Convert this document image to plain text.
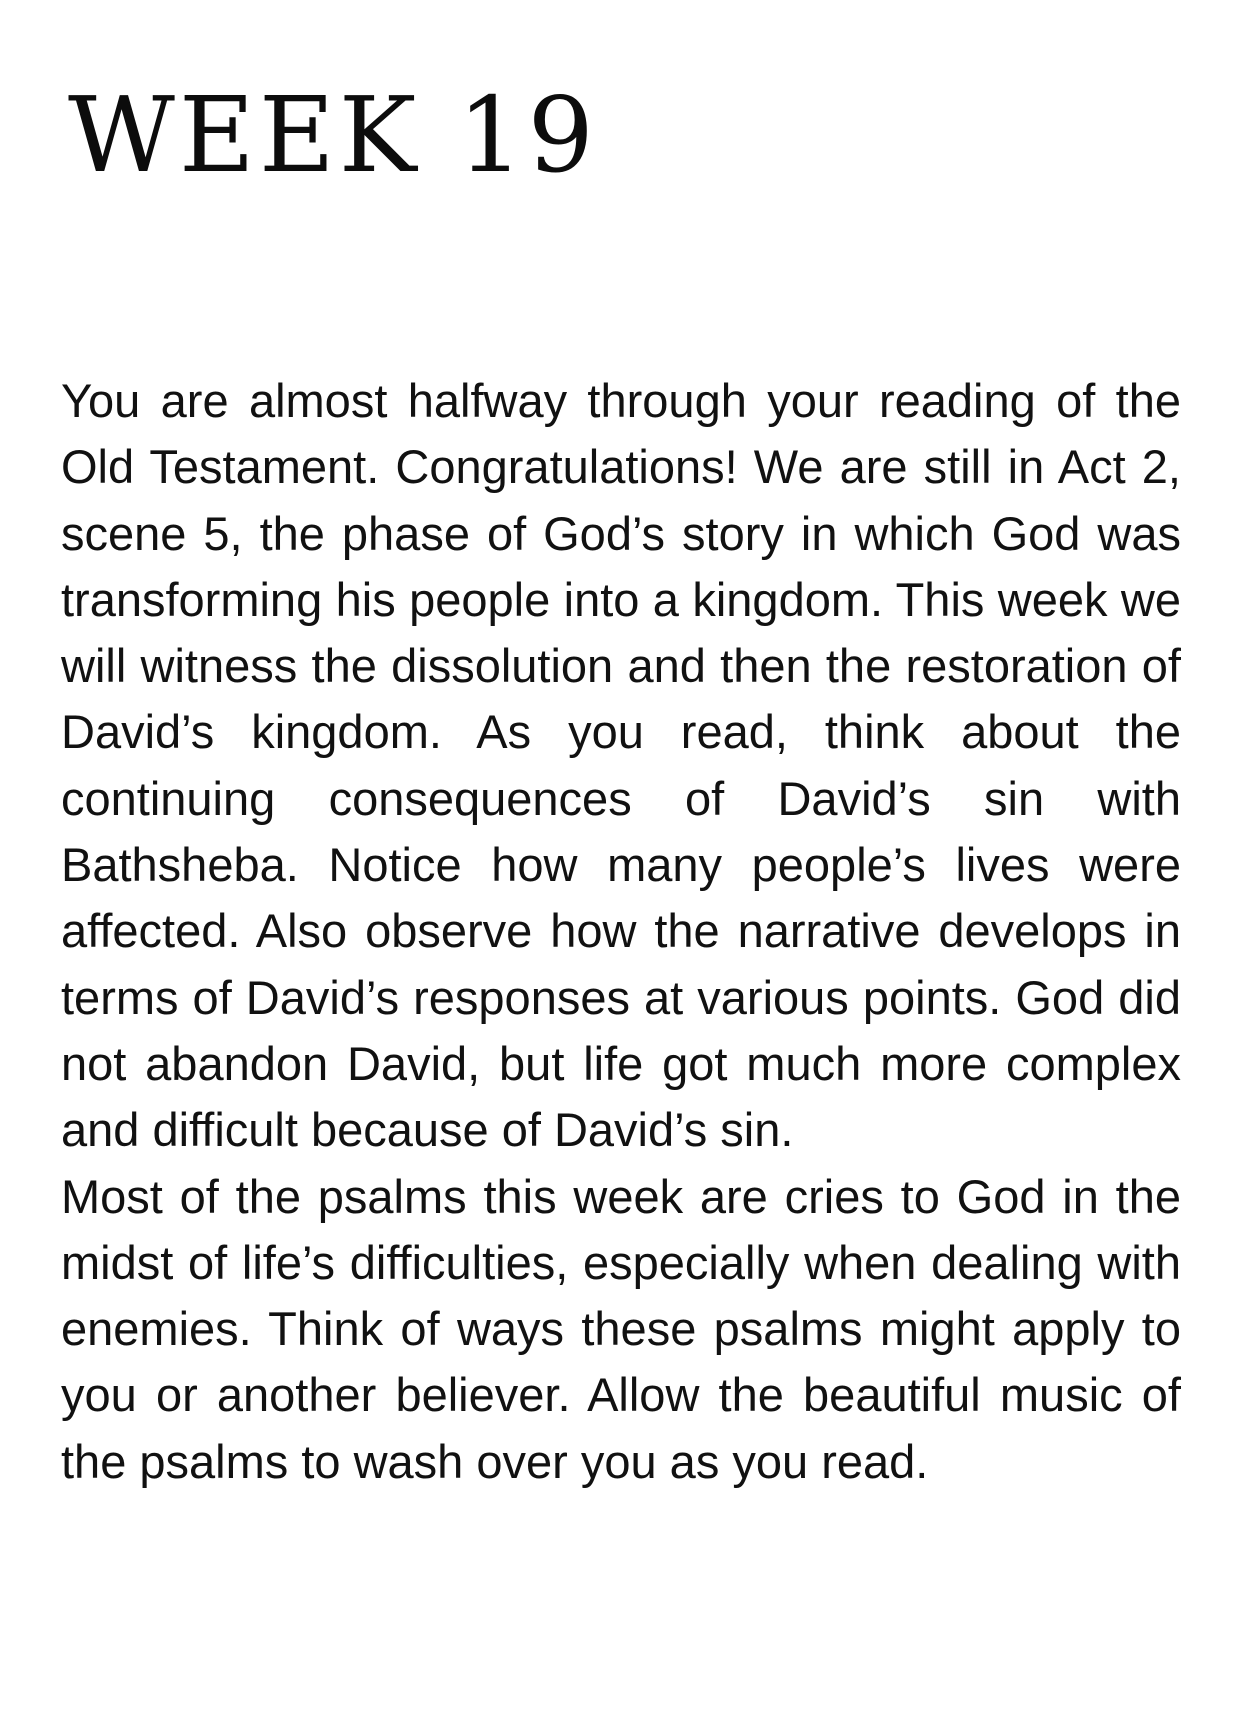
WEEK 19

You are almost halfway through your reading of the Old Testament. Congratulations! We are still in Act 2, scene 5, the phase of God’s story in which God was transforming his people into a kingdom. This week we will witness the dissolution and then the restoration of David’s kingdom. As you read, think about the continuing consequences of David’s sin with Bathsheba. Notice how many people’s lives were affected. Also observe how the narrative develops in terms of David’s responses at various points. God did not abandon David, but life got much more complex and difficult because of David’s sin.

Most of the psalms this week are cries to God in the midst of life’s difficulties, especially when dealing with enemies. Think of ways these psalms might apply to you or another believer. Allow the beautiful music of the psalms to wash over you as you read.
